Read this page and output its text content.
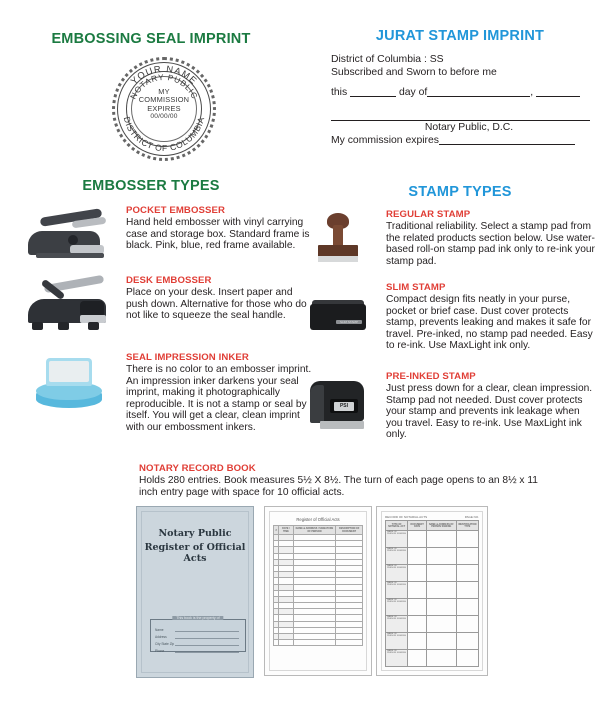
EMBOSSING SEAL IMPRINT	JURAT STAMP IMPRINT
YOUR NAME
NOTARY PUBLIC
DISTRICT OF COLUMBIA
MY
COMMISSION
EXPIRES
00/00/00
District of Columbia : SS
Subscribed and Sworn to before me
this	day of	,
Notary Public, D.C.
My commission expires
EMBOSSER TYPES	STAMP TYPES
POCKET EMBOSSER
Hand held embosser with vinyl carrying case and storage box. Standard frame is black. Pink, blue, red frame available.
DESK EMBOSSER
Place on your desk. Insert paper and push down. Alternative for those who do not like to squeeze the seal handle.
SEAL IMPRESSION INKER
There is no color to an embosser imprint. An impression inker darkens your seal imprint, making it photographically reproducible. It is not a stamp or seal by itself. You will get a clear, clean imprint with our embossment inkers.
REGULAR STAMP
Traditional reliability. Select a stamp pad from the related products section below. Use water-based roll-on stamp pad ink only to re-ink your stamp pad.
SLIM STAMP
SLIM STAMP
Compact design fits neatly in your purse, pocket or brief case. Dust cover protects stamp, prevents leaking and makes it safe for travel. Pre-inked, no stamp pad needed. Easy to re-ink. Use MaxLight ink only.
PSI
PRE-INKED STAMP
Just press down for a clear, clean impression. Stamp pad not needed. Dust cover protects your stamp and prevents ink leakage when you travel. Easy to re-ink. Use MaxLight ink only.
NOTARY RECORD BOOK
Holds 280 entries. Book measures 5½ X 8½. The turn of each page opens to an 8½ x 11 inch entry page with space for 10 official acts.
Notary Public
Register of Official Acts
This book is the property of
Name
Address
City State Zip
Phone
Register of Official Acts
#	DATE / TIME	NAME & ADDRESS / SIGNATURE OF PERSON	DESCRIPTION OF DOCUMENT

RECORD OF NOTARIAL ACTS	PAGE NO.
TYPE OF NOTARIAL ACT	DOCUMENT DATE	NAME & ADDRESS OF PERSON SIGNING	IDENTIFICATION TYPE
NAME OF PERSON SIGNING			
NAME OF PERSON SIGNING			
NAME OF PERSON SIGNING			
NAME OF PERSON SIGNING			
NAME OF PERSON SIGNING			
NAME OF PERSON SIGNING			
NAME OF PERSON SIGNING			
NAME OF PERSON SIGNING			
